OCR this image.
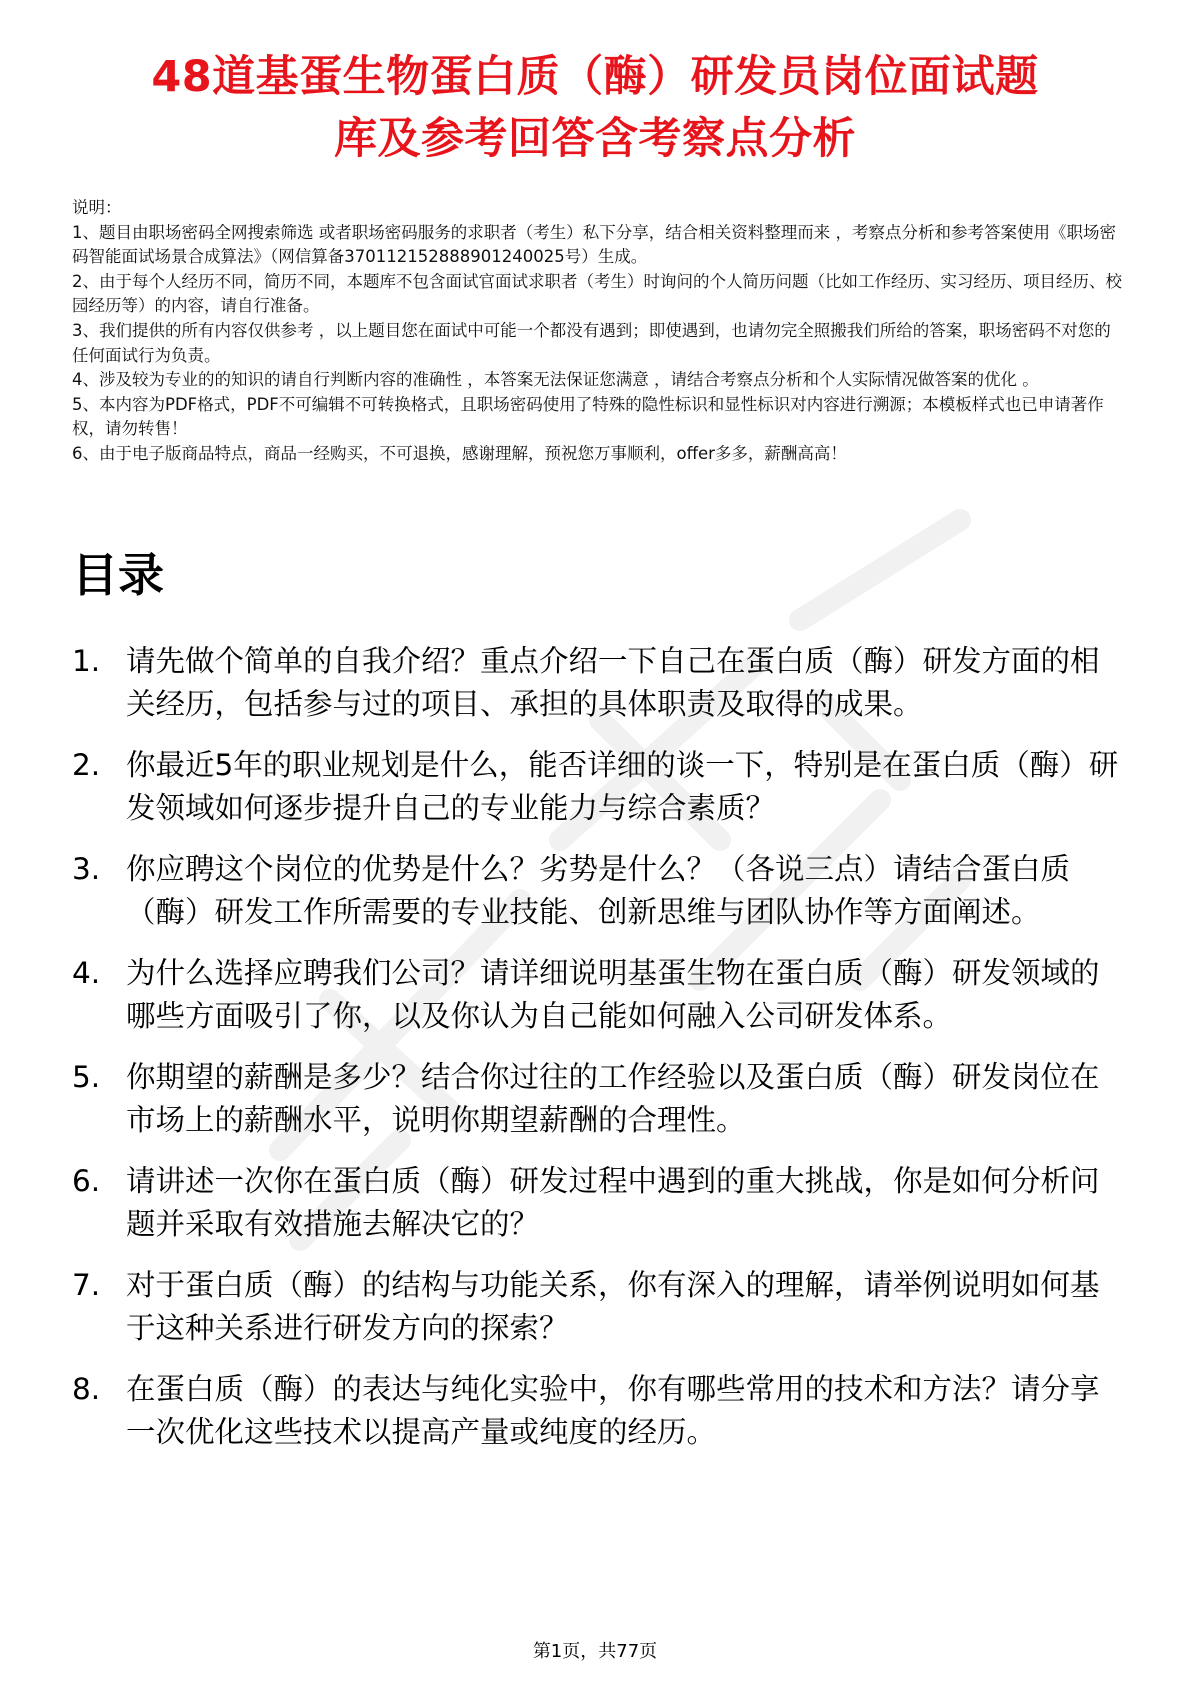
48道基蛋生物蛋白质（酶）研发员岗位面试题
库及参考回答含考察点分析

说明：

1、题目由职场密码全网搜索筛选 或者职场密码服务的求职者（考生）私下分享，结合相关资料整理而来 ，考察点分析和参考答案使用《职场密码智能面试场景合成算法》（网信算备370112152888901240025号）生成。

2、由于每个人经历不同，简历不同，本题库不包含面试官面试求职者（考生）时询问的个人简历问题（比如工作经历、实习经历、项目经历、校园经历等）的内容，请自行准备。

3、我们提供的所有内容仅供参考 ，以上题目您在面试中可能一个都没有遇到；即使遇到，也请勿完全照搬我们所给的答案，职场密码不对您的任何面试行为负责。

4、涉及较为专业的的知识的请自行判断内容的准确性 ，本答案无法保证您满意 ，请结合考察点分析和个人实际情况做答案的优化 。

5、本内容为PDF格式，PDF不可编辑不可转换格式，且职场密码使用了特殊的隐性标识和显性标识对内容进行溯源；本模板样式也已申请著作权，请勿转售！

6、由于电子版商品特点，商品一经购买，不可退换，感谢理解，预祝您万事顺利，offer多多，薪酬高高！

目录
1. 请先做个简单的自我介绍？重点介绍一下自己在蛋白质（酶）研发方面的相关经历，包括参与过的项目、承担的具体职责及取得的成果。
2. 你最近5年的职业规划是什么，能否详细的谈一下，特别是在蛋白质（酶）研发领域如何逐步提升自己的专业能力与综合素质？
3. 你应聘这个岗位的优势是什么？劣势是什么？（各说三点）请结合蛋白质（酶）研发工作所需要的专业技能、创新思维与团队协作等方面阐述。
4. 为什么选择应聘我们公司？请详细说明基蛋生物在蛋白质（酶）研发领域的哪些方面吸引了你，以及你认为自己能如何融入公司研发体系。
5. 你期望的薪酬是多少？结合你过往的工作经验以及蛋白质（酶）研发岗位在市场上的薪酬水平，说明你期望薪酬的合理性。
6. 请讲述一次你在蛋白质（酶）研发过程中遇到的重大挑战，你是如何分析问题并采取有效措施去解决它的？
7. 对于蛋白质（酶）的结构与功能关系，你有深入的理解，请举例说明如何基于这种关系进行研发方向的探索？
8. 在蛋白质（酶）的表达与纯化实验中，你有哪些常用的技术和方法？请分享一次优化这些技术以提高产量或纯度的经历。
第1页，共77页
